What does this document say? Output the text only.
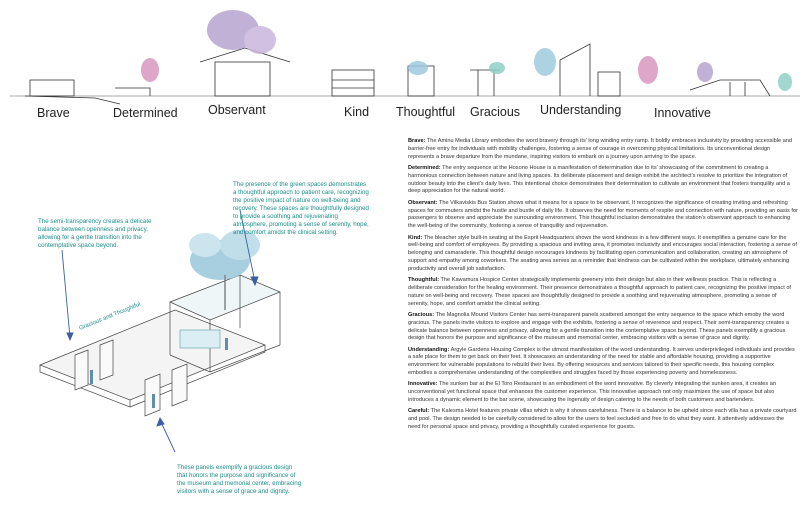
Brave	Determined Observant	Kind Thoughtful Gracious Understanding	Innovative
Gracious and Thoughtful
The presence of the green spaces demonstrates a thoughtful approach to patient care, recognizing the positive impact of nature on well-being and recovery. These spaces are thoughtfully designed to provide a soothing and rejuvenating atmosphere, promoting a sense of serenity, hope, and comfort amidst the clinical setting.
The semi-transparency creates a delicate balance between openness and privacy, allowing for a gentle transition into the contemplative space beyond.
These panels exemplify a gracious design that honors the purpose and significance of the museum and memorial center, embracing visitors with a sense of grace and dignity.

Brave: The Aminu Media Library embodies the word bravery through its' long winding entry ramp. It boldly embraces inclusivity by providing accessible and barrier-free entry for individuals with mobility challenges, fostering a sense of courage in overcoming physical limitations. Its unconventional design represents a brave departure from the mundane, inspiring visitors to embark on a journey upon arriving to the space.

Determined: The entry sequence at the Hosono House is a manifestation of determination due to its' showcasing of the commitment to creating a harmonious connection between nature and living spaces. Its deliberate placement and design exhibit the architect's resolve to prioritize the integration of outdoor beauty into the client's daily lives. This intentional choice demonstrates their determination to cultivate an environment that fosters tranquility and a deep appreciation for the natural world.

Observant: The Vilkaviskis Bus Station shows what it means for a space to be observant. It recognizes the significance of creating inviting and refreshing spaces for commuters amidst the hustle and bustle of daily life. It observes the need for moments of respite and connection with nature, providing an oasis for passengers to observe and appreciate the surrounding environment. This thoughtful inclusion demonstrates the station's observant approach to enhancing the well-being of the community, fostering a sense of tranquility and rejuvenation.

Kind: The bleacher style built-in seating at the Esprit Headquarters shows the word kindness in a few different ways. It exemplifies a genuine care for the well-being and comfort of employees. By providing a spacious and inviting area, it promotes inclusivity and encourages social interaction, fostering a sense of belonging and camaraderie. This thoughtful design encourages kindness by facilitating open communication and collaboration, creating an atmosphere of support and empathy among coworkers. The seating area serves as a reminder that kindness can be cultivated within the workplace, ultimately enhancing productivity and overall job satisfaction.

Thoughtful: The Kawamura Hospice Center strategically implements greenery into their design but also in their wellness practice. This is reflecting a deliberate consideration for the healing environment. Their presence demonstrates a thoughtful approach to patient care, recognizing the positive impact of nature on well-being and recovery. These spaces are thoughtfully designed to provide a soothing and rejuvenating atmosphere, promoting a sense of serenity, hope, and comfort amidst the clinical setting.

Gracious: The Magnolia Mound Visitors Center has semi-transparent panels scattered amongst the entry sequence to the space which emoby the word gracious. The panels invite visitors to explore and engage with the exhibits, fostering a sense of reverence and respect. Their semi-transparency creates a delicate balance between openness and privacy, allowing for a gentle transition into the contemplative space beyond. These panels exemplify a gracious design that honors the purpose and significance of the museum and memorial center, embracing visitors with a sense of grace and dignity.

Understanding: Argyle Gardens Housing Complex is the utmost manifestation of the word understanding. It serves underprivileged individuals and provides a safe place for them to get back on their feet. It showcases an understanding of the need for stable and affordable housing, providing a supportive environment for vulnerable populations to rebuild their lives. By offering resources and services tailored to their specific needs, this housing complex embodies a comprehensive understanding of the complexities and struggles faced by those experiencing poverty and homelessness.

Innovative: The sunken bar at the El Toro Restaurant is an embodiment of the word innovative. By cleverly integrating the sunken area, it creates an unconventional yet functional space that enhances the customer experience. This innovative approach not only maximizes the use of space but also introduces a dynamic element to the bar scene, showcasing the ingenuity of design catering to the needs of both customers and bartenders.

Careful: The Kalesma Hotel features private villas which is why it shows carefulness. There is a balance to be upheld since each villa has a private courtyard and pool. The design needed to be carefully considered to allow for the users to feel secluded and free to do what they want. It attentively addresses the need for personal space and privacy, providing a thoughtfully curated experience for guests.
